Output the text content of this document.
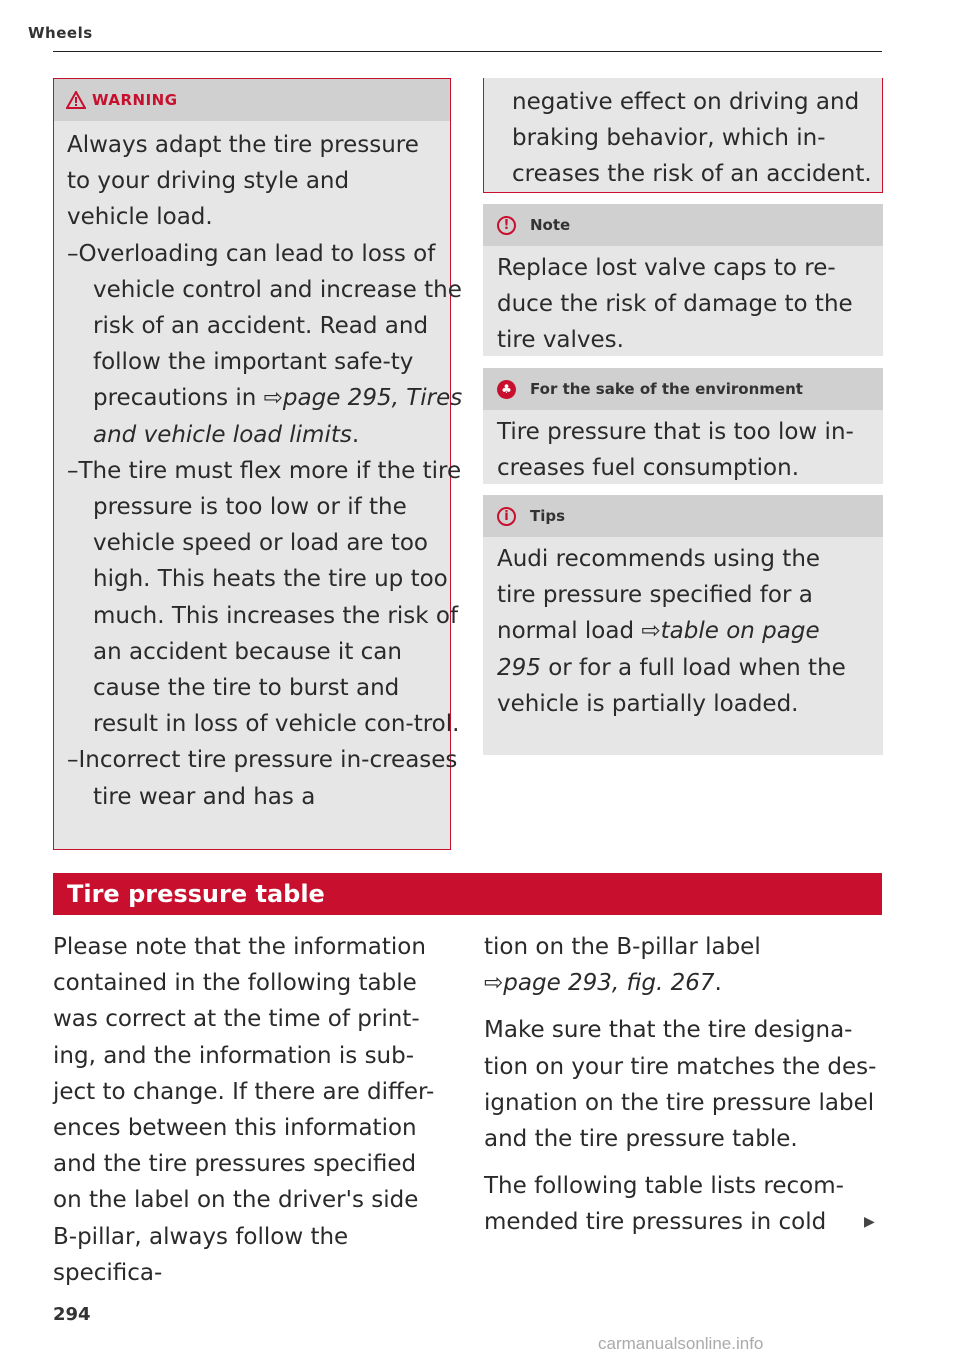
Wheels
WARNING

Always adapt the tire pressure to your driving style and vehicle load.

–Overloading can lead to loss of vehicle control and increase the risk of an accident. Read and follow the important safe-ty precautions in ⇨page 295, Tires and vehicle load limits.

–The tire must flex more if the tire pressure is too low or if the vehicle speed or load are too high. This heats the tire up too much. This increases the risk of an accident because it can cause the tire to burst and result in loss of vehicle con-trol.

–Incorrect tire pressure in-creases tire wear and has a

negative effect on driving and braking behavior, which in-creases the risk of an accident.

!	Note
Replace lost valve caps to re-duce the risk of damage to the tire valves.
♣ For the sake of the environment
Tire pressure that is too low in-creases fuel consumption.
i	Tips
Audi recommends using the tire pressure specified for a normal load ⇨table on page 295 or for a full load when the vehicle is partially loaded.
Tire pressure table

Please note that the information contained in the following table was correct at the time of print-ing, and the information is sub-ject to change. If there are differ-ences between this information and the tire pressures specified on the label on the driver's side B-pillar, always follow the specifica-

tion on the B-pillar label ⇨page 293, fig. 267.

Make sure that the tire designa-tion on your tire matches the des-ignation on the tire pressure label and the tire pressure table.

The following table lists recom-mended tire pressures in cold	▶
294
carmanualsonline.info
